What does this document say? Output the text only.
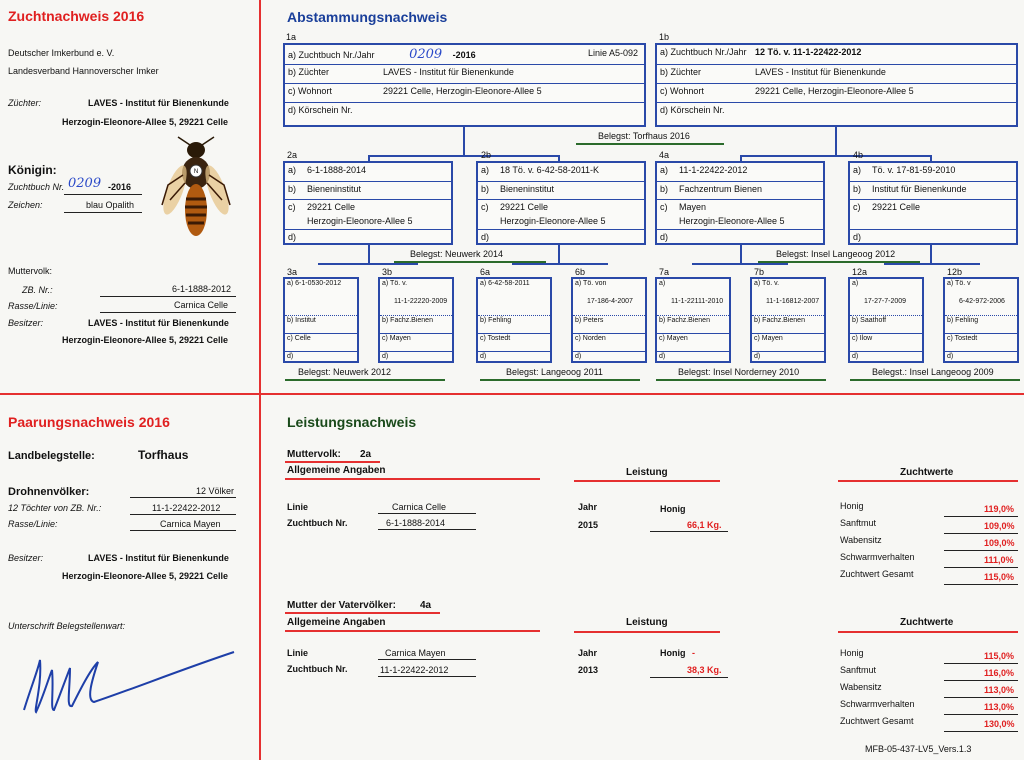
Zuchtnachweis 2016
Deutscher Imkerbund e. V.
Landesverband Hannoverscher Imker
Züchter:	LAVES - Institut für Bienenkunde
Herzogin-Eleonore-Allee 5, 29221 Celle
Königin:
Zuchtbuch Nr. 0209 -2016
Zeichen:	blau Opalith
N
Muttervolk:
ZB. Nr.:	6-1-1888-2012
Rasse/Linie:	Carnica Celle
Besitzer:	LAVES - Institut für Bienenkunde
Herzogin-Eleonore-Allee 5, 29221 Celle
Paarungsnachweis 2016
Landbelegstelle:	Torfhaus
Drohnenvölker:	12 Völker
12 Töchter von ZB. Nr.:	11-1-22422-2012
Rasse/Linie:	Carnica Mayen
Besitzer:	LAVES - Institut für Bienenkunde
Herzogin-Eleonore-Allee 5, 29221 Celle
Unterschrift Belegstellenwart:
Abstammungsnachweis
1a
a) Zuchtbuch Nr./Jahr	0209 -2016	Linie A5-092
b) Züchter	LAVES - Institut für Bienenkunde
c) Wohnort	29221 Celle, Herzogin-Eleonore-Allee 5
d) Körschein Nr.
1b
a) Zuchtbuch Nr./Jahr 12 Tö. v. 11-1-22422-2012
b) Züchter	LAVES - Institut für Bienenkunde
c) Wohnort	29221 Celle, Herzogin-Eleonore-Allee 5
d) Körschein Nr.
Belegst: Torfhaus 2016
2a
a) 6-1-1888-2014
b) Bieneninstitut
c) 29221 Celle
Herzogin-Eleonore-Allee 5
d)
2b
a) 18 Tö. v. 6-42-58-2011-K
b) Bieneninstitut
c) 29221 Celle
Herzogin-Eleonore-Allee 5
d)
4a
a) 11-1-22422-2012
b) Fachzentrum Bienen
c) Mayen
Herzogin-Eleonore-Allee 5
d)
4b
a) Tö. v. 17-81-59-2010
b) Institut für Bienenkunde
c) 29221 Celle
d)
Belegst: Neuwerk 2014	Belegst: Insel Langeoog 2012
3a
a) 6-1-0530-2012
b) Institut
c) Celle
d)
3b
a) Tö. v.
11-1-22220-2009
b) Fachz.Bienen
c) Mayen
d)
6a
a) 6-42-58-2011
b) Fehling
c) Tostedt
d)
6b
a) Tö. von
17-186-4-2007
b) Peters
c) Norden
d)
7a
a)
11-1-22111-2010
b) Fachz.Bienen
c) Mayen
d)
7b
a) Tö. v.
11-1-16812-2007
b) Fachz.Bienen
c) Mayen
d)
12a
a)
17-27-7-2009
b) Saathoff
c) Ilow
d)
12b
a) Tö. v
6-42-972-2006
b) Fehling
c) Tostedt
d)
Belegst: Neuwerk 2012	Belegst: Langeoog 2011	Belegst: Insel Norderney 2010	Belegst.: Insel Langeoog 2009
Leistungsnachweis
Muttervolk: 2a
Allgemeine Angaben	Leistung	Zuchtwerte
Linie	Carnica Celle
Zuchtbuch Nr.	6-1-1888-2014
Jahr	Honig
2015	66,1 Kg.
Honig	119,0%
Sanftmut	109,0%
Wabensitz	109,0%
Schwarmverhalten	111,0%
Zuchtwert Gesamt	115,0%
Mutter der Vatervölker: 4a
Allgemeine Angaben	Leistung	Zuchtwerte
Linie	Carnica Mayen
Zuchtbuch Nr.	11-1-22422-2012
Jahr	Honig -
2013	38,3 Kg.
Honig	115,0%
Sanftmut	116,0%
Wabensitz	113,0%
Schwarmverhalten	113,0%
Zuchtwert Gesamt	130,0%
MFB-05-437-LV5_Vers.1.3
